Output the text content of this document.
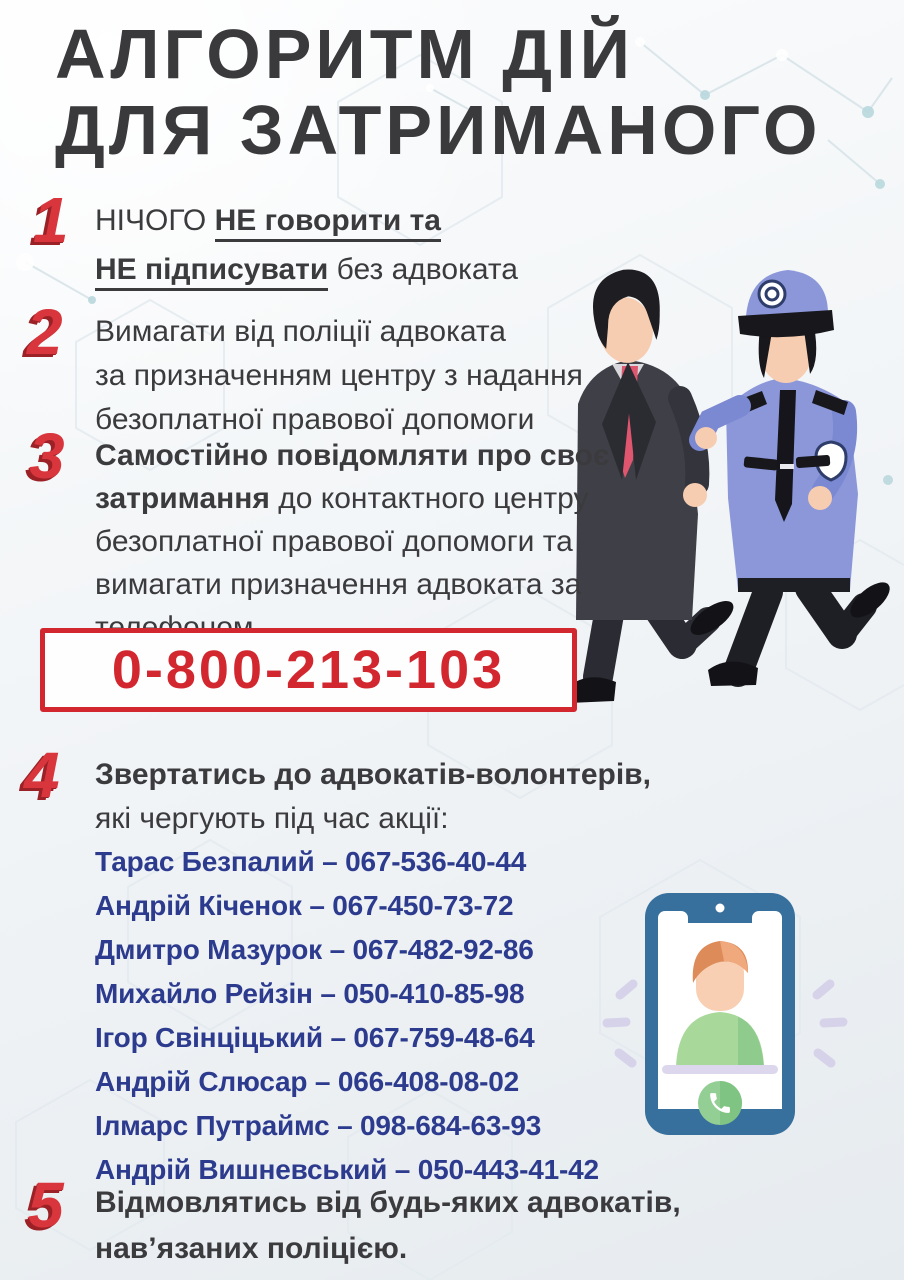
АЛГОРИТМ ДІЙ
ДЛЯ ЗАТРИМАНОГО
1 НІЧОГО НЕ говорити та
НЕ підписувати без адвоката
2 Вимагати від поліції адвоката
за призначенням центру з надання
безоплатної правової допомоги
3 Самостійно повідомляти про своє
затримання до контактного центру
безоплатної правової допомоги та
вимагати призначення адвоката за
0-800-213-103
4 Звертатись до адвокатів-волонтерів,
які чергують під час акції:
Тарас Безпалий – 067-536-40-44
Андрій Кіченок – 067-450-73-72
Дмитро Мазурок – 067-482-92-86
Михайло Рейзін – 050-410-85-98
Ігор Свінціцький – 067-759-48-64
Андрій Слюсар – 066-408-08-02
Ілмарс Путраймс – 098-684-63-93
Андрій Вишневський – 050-443-41-42
5 Відмовлятись від будь-яких адвокатів,
нав’язаних поліцією.
